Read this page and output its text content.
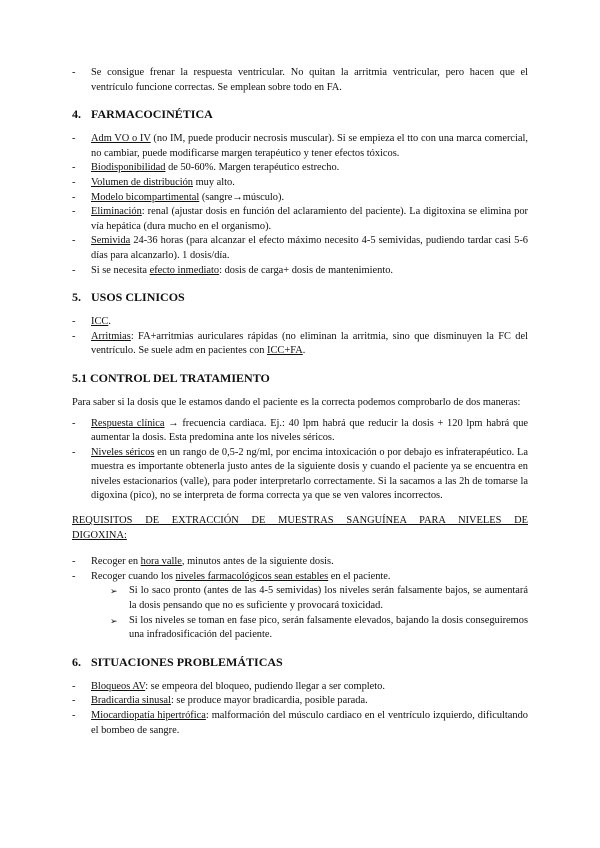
- Se consigue frenar la respuesta ventricular. No quitan la arritmia ventricular, pero hacen que el ventrículo funcione correctas. Se emplean sobre todo en FA.
4. FARMACOCINÉTICA
- Adm VO o IV (no IM, puede producir necrosis muscular). Si se empieza el tto con una marca comercial, no cambiar, puede modificarse margen terapéutico y tener efectos tóxicos.
- Biodisponibilidad de 50-60%. Margen terapéutico estrecho.
- Volumen de distribución muy alto.
- Modelo bicompartimental (sangre→músculo).
- Eliminación: renal (ajustar dosis en función del aclaramiento del paciente). La digitoxina se elimina por vía hepática (dura mucho en el organismo).
- Semivida 24-36 horas (para alcanzar el efecto máximo necesito 4-5 semividas, pudiendo tardar casi 5-6 días para alcanzarlo). 1 dosis/día.
- Si se necesita efecto inmediato: dosis de carga+ dosis de mantenimiento.
5. USOS CLINICOS
- ICC.
- Arritmias: FA+arritmias auriculares rápidas (no eliminan la arritmia, sino que disminuyen la FC del ventrículo. Se suele adm en pacientes con ICC+FA.
5.1 CONTROL DEL TRATAMIENTO
Para saber si la dosis que le estamos dando el paciente es la correcta podemos comprobarlo de dos maneras:
- Respuesta clínica → frecuencia cardiaca. Ej.: 40 lpm habrá que reducir la dosis + 120 lpm habrá que aumentar la dosis. Esta predomina ante los niveles séricos.
- Niveles séricos en un rango de 0,5-2 ng/ml, por encima intoxicación o por debajo es infraterapéutico. La muestra es importante obtenerla justo antes de la siguiente dosis y cuando el paciente ya se encuentra en niveles estacionarios (valle), para poder interpretarlo correctamente. Si la sacamos a las 2h de tomarse la digoxina (pico), no se interpreta de forma correcta ya que se ven valores incorrectos.
REQUISITOS DE EXTRACCIÓN DE MUESTRAS SANGUÍNEA PARA NIVELES DE DIGOXINA:
- Recoger en hora valle, minutos antes de la siguiente dosis.
- Recoger cuando los niveles farmacológicos sean estables en el paciente.
➢ Si lo saco pronto (antes de las 4-5 semividas) los niveles serán falsamente bajos, se aumentará la dosis pensando que no es suficiente y provocará toxicidad.
➢ Si los niveles se toman en fase pico, serán falsamente elevados, bajando la dosis conseguiremos una infradosificación del paciente.
6. SITUACIONES PROBLEMÁTICAS
- Bloqueos AV: se empeora del bloqueo, pudiendo llegar a ser completo.
- Bradicardia sinusal: se produce mayor bradicardia, posible parada.
- Miocardiopatía hipertrófica: malformación del músculo cardiaco en el ventrículo izquierdo, dificultando el bombeo de sangre.
